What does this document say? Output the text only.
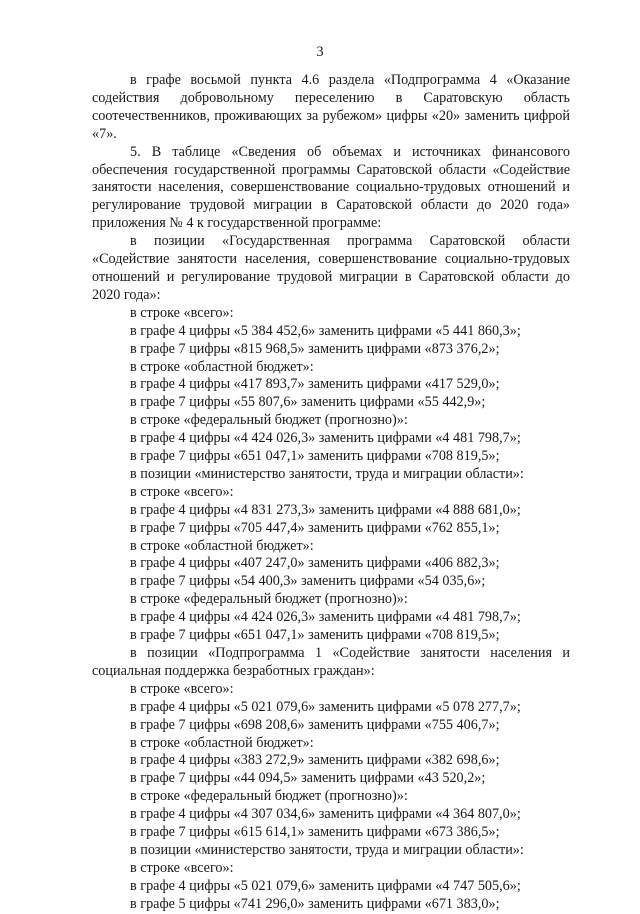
3

в графе восьмой пункта 4.6 раздела «Подпрограмма 4 «Оказание содействия добровольному переселению в Саратовскую область соотечественников, проживающих за рубежом» цифры «20» заменить цифрой «7».

5. В таблице «Сведения об объемах и источниках финансового обеспечения государственной программы Саратовской области «Содействие занятости населения, совершенствование социально-трудовых отношений и регулирование трудовой миграции в Саратовской области до 2020 года» приложения № 4 к государственной программе:

в позиции «Государственная программа Саратовской области «Содействие занятости населения, совершенствование социально-трудовых отношений и регулирование трудовой миграции в Саратовской области до 2020 года»:

в строке «всего»:

в графе 4 цифры «5 384 452,6» заменить цифрами «5 441 860,3»;

в графе 7 цифры «815 968,5» заменить цифрами «873 376,2»;

в строке «областной бюджет»:

в графе 4 цифры «417 893,7» заменить цифрами «417 529,0»;

в графе 7 цифры «55 807,6» заменить цифрами «55 442,9»;

в строке «федеральный бюджет (прогнозно)»:

в графе 4 цифры «4 424 026,3» заменить цифрами «4 481 798,7»;

в графе 7 цифры «651 047,1» заменить цифрами «708 819,5»;

в позиции «министерство занятости, труда и миграции области»:

в строке «всего»:

в графе 4 цифры «4 831 273,3» заменить цифрами «4 888 681,0»;

в графе 7 цифры «705 447,4» заменить цифрами «762 855,1»;

в строке «областной бюджет»:

в графе 4 цифры «407 247,0» заменить цифрами «406 882,3»;

в графе 7 цифры «54 400,3» заменить цифрами «54 035,6»;

в строке «федеральный бюджет (прогнозно)»:

в графе 4 цифры «4 424 026,3» заменить цифрами «4 481 798,7»;

в графе 7 цифры «651 047,1» заменить цифрами «708 819,5»;

в позиции «Подпрограмма 1 «Содействие занятости населения и социальная поддержка безработных граждан»:

в строке «всего»:

в графе 4 цифры «5 021 079,6» заменить цифрами «5 078 277,7»;

в графе 7 цифры «698 208,6» заменить цифрами «755 406,7»;

в строке «областной бюджет»:

в графе 4 цифры «383 272,9» заменить цифрами «382 698,6»;

в графе 7 цифры «44 094,5» заменить цифрами «43 520,2»;

в строке «федеральный бюджет (прогнозно)»:

в графе 4 цифры «4 307 034,6» заменить цифрами «4 364 807,0»;

в графе 7 цифры «615 614,1» заменить цифрами «673 386,5»;

в позиции «министерство занятости, труда и миграции области»:

в строке «всего»:

в графе 4 цифры «5 021 079,6» заменить цифрами «4 747 505,6»;

в графе 5 цифры «741 296,0» заменить цифрами «671 383,0»;
